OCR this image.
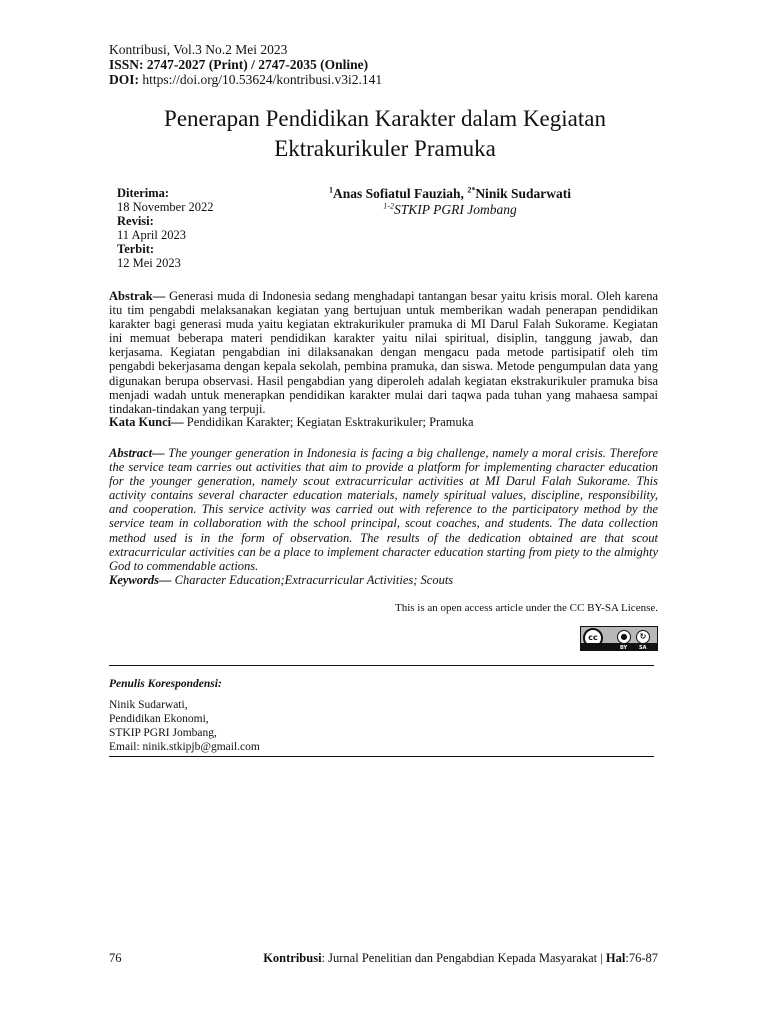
Kontribusi, Vol.3 No.2 Mei 2023
ISSN: 2747-2027 (Print) / 2747-2035 (Online)
DOI: https://doi.org/10.53624/kontribusi.v3i2.141
Penerapan Pendidikan Karakter dalam Kegiatan
Ektrakurikuler Pramuka
Diterima:
18 November 2022
Revisi:
11 April 2023
Terbit:
12 Mei 2023
$^1$Anas Sofiatul Fauziah, $^{2*}$Ninik Sudarwati
$^{1-2}$STKIP PGRI Jombang
Abstrak— Generasi muda di Indonesia sedang menghadapi tantangan besar yaitu krisis moral. Oleh karena itu tim pengabdi melaksanakan kegiatan yang bertujuan untuk memberikan wadah penerapan pendidikan karakter bagi generasi muda yaitu kegiatan ektrakurikuler pramuka di MI Darul Falah Sukorame. Kegiatan ini memuat beberapa materi pendidikan karakter yaitu nilai spiritual, disiplin, tanggung jawab, dan kerjasama. Kegiatan pengabdian ini dilaksanakan dengan mengacu pada metode partisipatif oleh tim pengabdi bekerjasama dengan kepala sekolah, pembina pramuka, dan siswa. Metode pengumpulan data yang digunakan berupa observasi. Hasil pengabdian yang diperoleh adalah kegiatan ekstrakurikuler pramuka bisa menjadi wadah untuk menerapkan pendidikan karakter mulai dari taqwa pada tuhan yang mahaesa sampai tindakan-tindakan yang terpuji.
Kata Kunci— Pendidikan Karakter; Kegiatan Esktrakurikuler; Pramuka
Abstract— The younger generation in Indonesia is facing a big challenge, namely a moral crisis. Therefore the service team carries out activities that aim to provide a platform for implementing character education for the younger generation, namely scout extracurricular activities at MI Darul Falah Sukorame. This activity contains several character education materials, namely spiritual values, discipline, responsibility, and cooperation. This service activity was carried out with reference to the participatory method by the service team in collaboration with the school principal, scout coaches, and students. The data collection method used is in the form of observation. The results of the dedication obtained are that scout extracurricular activities can be a place to implement character education starting from piety to the almighty God to commendable actions.
Keywords— Character Education;Extracurricular Activities; Scouts
This is an open access article under the CC BY-SA License.
cc	●	↻
BY SA
Penulis Korespondensi:
Ninik Sudarwati,
Pendidikan Ekonomi,
STKIP PGRI Jombang,
Email: ninik.stkipjb@gmail.com
76	Kontribusi: Jurnal Penelitian dan Pengabdian Kepada Masyarakat | Hal:76-87
